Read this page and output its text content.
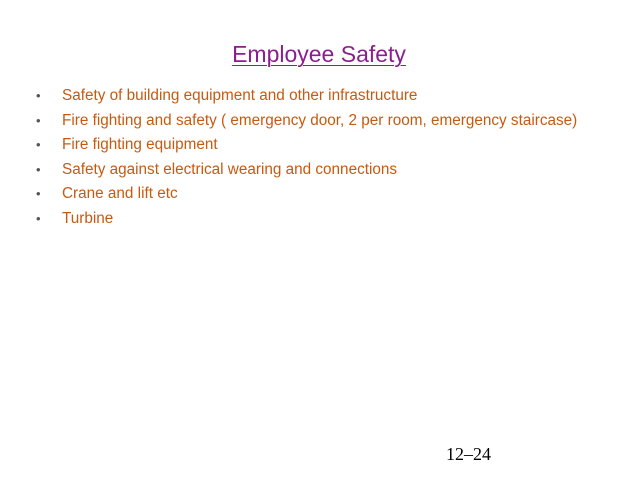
Employee Safety
• Safety of building equipment and other infrastructure
• Fire fighting and safety ( emergency door, 2 per room, emergency staircase)
• Fire fighting equipment
• Safety against electrical wearing and connections
• Crane and lift etc
• Turbine
12–24
